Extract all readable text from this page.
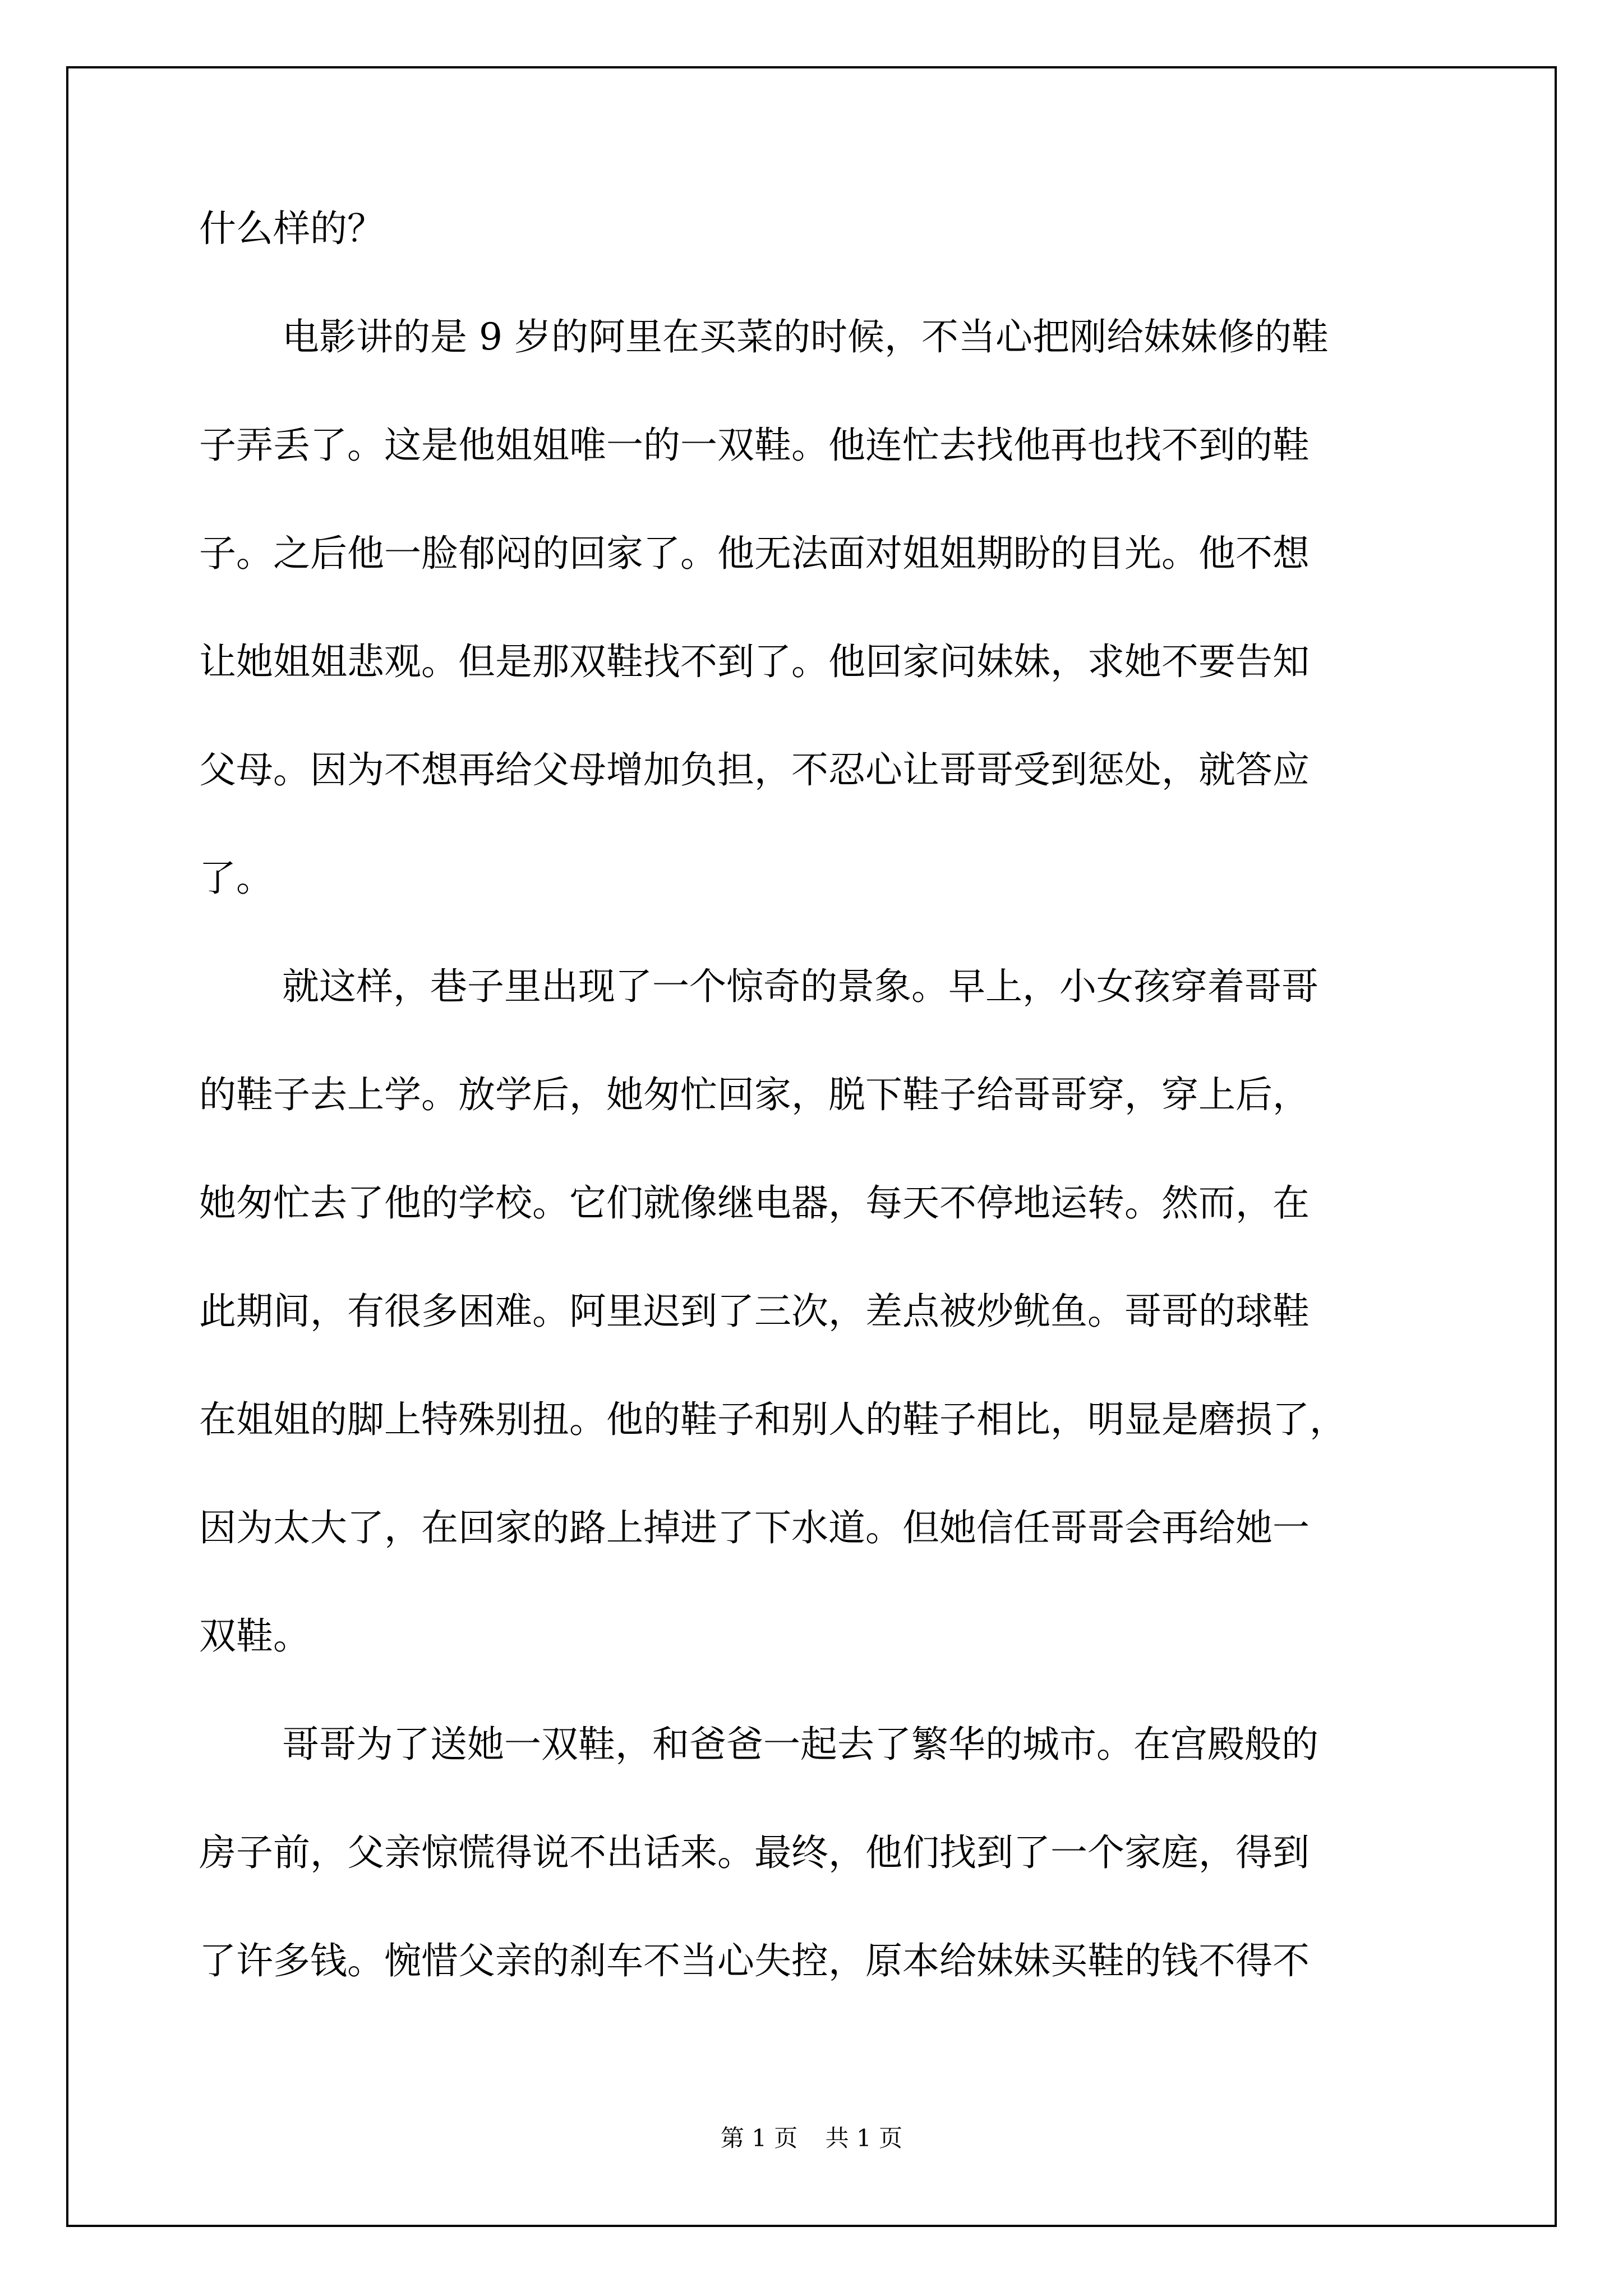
什么样的？
电影讲的是 9 岁的阿里在买菜的时候，不当心把刚给妹妹修的鞋
子弄丢了。这是他姐姐唯一的一双鞋。他连忙去找他再也找不到的鞋
子。之后他一脸郁闷的回家了。他无法面对姐姐期盼的目光。他不想
让她姐姐悲观。但是那双鞋找不到了。他回家问妹妹，求她不要告知
父母。因为不想再给父母增加负担，不忍心让哥哥受到惩处，就答应
了。
就这样，巷子里出现了一个惊奇的景象。早上，小女孩穿着哥哥
的鞋子去上学。放学后，她匆忙回家，脱下鞋子给哥哥穿，穿上后，
她匆忙去了他的学校。它们就像继电器，每天不停地运转。然而，在
此期间，有很多困难。阿里迟到了三次，差点被炒鱿鱼。哥哥的球鞋
在姐姐的脚上特殊别扭。他的鞋子和别人的鞋子相比，明显是磨损了，
因为太大了，在回家的路上掉进了下水道。但她信任哥哥会再给她一
双鞋。
哥哥为了送她一双鞋，和爸爸一起去了繁华的城市。在宫殿般的
房子前，父亲惊慌得说不出话来。最终，他们找到了一个家庭，得到
了许多钱。惋惜父亲的刹车不当心失控，原本给妹妹买鞋的钱不得不
第 1 页 共 1 页
